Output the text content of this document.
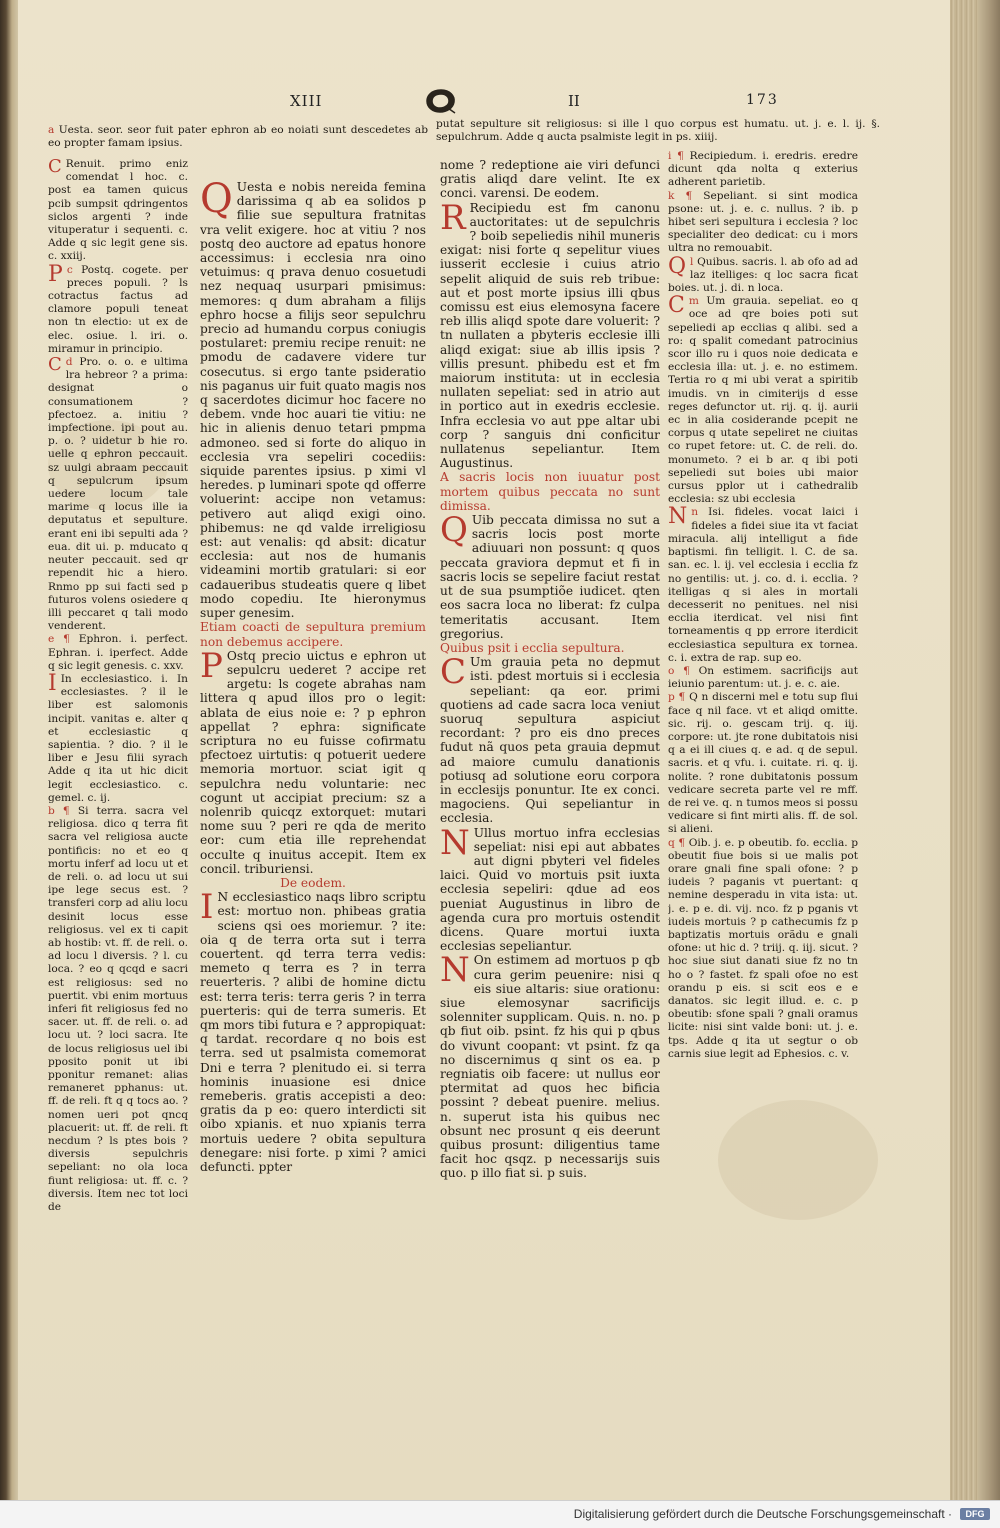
XIII	II	173

a Uesta. seor. seor fuit pater ephron ab eo noiati sunt descedetes ab eo propter famam ipsius.

putat sepulture sit religiosus: si ille l quo corpus est humatu. ut. j. e. l. ij. §. sepulchrum. Adde q aucta psalmiste legit in ps. xiiij.

C Renuit. primo eniz comendat l hoc. c. post ea tamen quicus pcib sumpsit qdringentos siclos argenti ? inde vituperatur i sequenti. c. Adde q sic legit gene sis. c. xxiij.

c
P Postq. cogete. per preces populi. ? ls cotractus factus ad clamore populi teneat non tn electio: ut ex de elec. osiue. l. iri. o. miramur in principio.

d
C Pro. o. o. e ultima lra hebreor ? a prima: designat o consumationem ? pfectoez. a. initiu ? impfectione. ipi pout au. p. o. ? uidetur b hie ro. uelle q ephron peccauit. sz uulgi abraam peccauit q sepulcrum ipsum uedere locum tale marime q locus ille ia deputatus et sepulture. erant eni ibi sepulti ada ? eua. dit ui. p. mducato q neuter peccauit. sed qr rependit hic a hiero. Rnmo pp sui facti sed p futuros volens osiedere q illi peccaret q tali modo venderent.

e ¶ Ephron. i. perfect. Ephran. i. iperfect. Adde q sic legit genesis. c. xxv.

I In ecclesiastico. i. In ecclesiastes. ? il le liber est salomonis incipit. vanitas e. alter q et ecclesiastic q sapientia. ? dio. ? il le liber e Jesu filii syrach Adde q ita ut hic dicit legit ecclesiastico. c. gemel. c. ij.

b ¶ Si terra. sacra vel religiosa. dico q terra fit sacra vel religiosa aucte pontificis: no et eo q mortu inferf ad locu ut et de reli. o. ad locu ut sui ipe lege secus est. ? transferi corp ad aliu locu desinit locus esse religiosus. vel ex ti capit ab hostib: vt. ff. de reli. o. ad locu l diversis. ? l. cu loca. ? eo q qcqd e sacri est religiosus: sed no puertit. vbi enim mortuus inferi fit religiosus fed no sacer. ut. ff. de reli. o. ad locu ut. ? loci sacra. Ite de locus religiosus uel ibi pposito ponit ut ibi pponitur remanet: alias remaneret pphanus: ut. ff. de reli. ft q q tocs ao. ? nomen ueri pot qncq placuerit: ut. ff. de reli. ft necdum ? ls ptes bois ? diversis sepulchris sepeliant: no ola loca fiunt religiosa: ut. ff. c. ? diversis. Item nec tot loci de

Q Uesta e nobis nereida femina darissima q ab ea solidos p filie sue sepultura fratnitas vra velit exigere. hoc at vitiu ? nos postq deo auctore ad epatus honore accessimus: i ecclesia nra oino vetuimus: q prava denuo cosuetudi nez nequaq usurpari pmisimus: memores: q dum abraham a filijs ephro hocse a filijs seor sepulchru precio ad humandu corpus coniugis postularet: premiu recipe renuit: ne pmodu de cadavere videre tur cosecutus. si ergo tante psideratio nis paganus uir fuit quato magis nos q sacerdotes dicimur hoc facere no debem. vnde hoc auari tie vitiu: ne hic in alienis denuo tetari pmpma admoneo. sed si forte do aliquo in ecclesia vra sepeliri cocediis: siquide parentes ipsius. p ximi vl heredes. p luminari spote qd offerre voluerint: accipe non vetamus: petivero aut aliqd exigi oino. phibemus: ne qd valde irreligiosu est: aut venalis: qd absit: dicatur ecclesia: aut nos de humanis videamini mortib gratulari: si eor cadaueribus studeatis quere q libet modo copediu. Ite hieronymus super genesim.

Etiam coacti de sepultura premium non debemus accipere.

P Ostq precio uictus e ephron ut sepulcru uederet ? accipe ret argetu: ls cogete abrahas nam littera q apud illos pro o legit: ablata de eius noie e: ? p ephron appellat ? ephra: significate scriptura no eu fuisse cofirmatu pfectoez uirtutis: q potuerit uedere memoria mortuor. sciat igit q sepulchra nedu voluntarie: nec cogunt ut accipiat precium: sz a nolenrib quicqz extorquet: mutari nome suu ? peri re qda de merito eor: cum etia ille reprehendat occulte q inuitus accepit. Item ex concil. triburiensi.

De eodem.

I N ecclesiastico naqs libro scriptu est: mortuo non. phibeas gratia sciens qsi oes moriemur. ? ite: oia q de terra orta sut i terra couertent. qd terra terra vedis: memeto q terra es ? in terra reuerteris. ? alibi de homine dictu est: terra teris: terra geris ? in terra puerteris: qui de terra sumeris. Et qm mors tibi futura e ? appropiquat: q tardat. recordare q no bois est terra. sed ut psalmista comemorat Dni e terra ? plenitudo ei. si terra hominis inuasione esi dnice remeberis. gratis accepisti a deo: gratis da p eo: quero interdicti sit oibo xpianis. et nuo xpianis terra mortuis uedere ? obita sepultura denegare: nisi forte. p ximi ? amici defuncti. ppter

nome ? redeptione aie viri defunci gratis aliqd dare velint. Ite ex conci. varensi. De eodem.

R Recipiedu est fm canonu auctoritates: ut de sepulchris ? boib sepeliedis nihil muneris exigat: nisi forte q sepelitur viues iusserit ecclesie i cuius atrio sepelit aliquid de suis reb tribue: aut et post morte ipsius illi qbus comissu est eius elemosyna facere reb illis aliqd spote dare voluerit: ? tn nullaten a pbyteris ecclesie illi aliqd exigat: siue ab illis ipsis ? villis presunt. phibedu est et fm maiorum instituta: ut in ecclesia nullaten sepeliat: sed in atrio aut in portico aut in exedris ecclesie. Infra ecclesia vo aut ppe altar ubi corp ? sanguis dni conficitur nullatenus sepeliantur. Item Augustinus.

A sacris locis non iuuatur post mortem quibus peccata no sunt dimissa.

Q Uib peccata dimissa no sut a sacris locis post morte adiuuari non possunt: q quos peccata graviora depmut et fi in sacris locis se sepelire faciut restat ut de sua psumptiõe iudicet. qten eos sacra loca no liberat: fz culpa temeritatis accusant. Item gregorius.

Quibus psit i ecclia sepultura.

C Um grauia peta no depmut isti. pdest mortuis si i ecclesia sepeliant: qa eor. primi quotiens ad cade sacra loca veniut suoruq sepultura aspiciut recordant: ? pro eis dno preces fudut nã quos peta grauia depmut ad maiore cumulu danationis potiusq ad solutione eoru corpora in ecclesijs ponuntur. Ite ex conci. magociens. Qui sepeliantur in ecclesia.

N Ullus mortuo infra ecclesias sepeliat: nisi epi aut abbates aut digni pbyteri vel fideles laici. Quid vo mortuis psit iuxta ecclesia sepeliri: qdue ad eos pueniat Augustinus in libro de agenda cura pro mortuis ostendit dicens. Quare mortui iuxta ecclesias sepeliantur.

N On estimem ad mortuos p qb cura gerim peuenire: nisi q eis siue altaris: siue orationu: siue elemosynar sacrificijs solenniter supplicam. Quis. n. no. p qb fiut oib. psint. fz his qui p qbus do vivunt coopant: vt psint. fz qa no discernimus q sint os ea. p regniatis oib facere: ut nullus eor ptermitat ad quos hec bificia possint ? debeat puenire. melius. n. superut ista his quibus nec obsunt nec prosunt q eis deerunt quibus prosunt: diligentius tame facit hoc qsqz. p necessarijs suis quo. p illo fiat si. p suis.

i ¶ Recipiedum. i. eredris. eredre dicunt qda nolta q exterius adherent parietib.

k ¶ Sepeliant. si sint modica psone: ut. j. e. c. nullus. ? ib. p hibet seri sepultura i ecclesia ? loc specialiter deo dedicat: cu i mors ultra no remouabit.

l
Q Quibus. sacris. l. ab ofo ad ad laz itelliges: q loc sacra ficat boies. ut. j. di. n loca.

m
C Um grauia. sepeliat. eo q oce ad qre boies poti sut sepeliedi ap ecclias q alibi. sed a ro: q spalit comedant patrocinius scor illo ru i quos noie dedicata e ecclesia illa: ut. j. e. no estimem. Tertia ro q mi ubi verat a spiritib imudis. vn in cimiterijs d esse reges defunctor ut. rij. q. ij. aurii ec in alia cosiderande pcepit ne corpus q utate sepeliret ne ciuitas co rupet fetore: ut. C. de reli. do. monumeto. ? ei b ar. q ibi poti sepeliedi sut boies ubi maior cursus pplor ut i cathedralib ecclesia: sz ubi ecclesia

n
N Isi. fideles. vocat laici i fideles a fidei siue ita vt faciat miracula. alij intelligut a fide baptismi. fin telligit. l. C. de sa. san. ec. l. ij. vel ecclesia i ecclia fz no gentilis: ut. j. co. d. i. ecclia. ? itelligas q si ales in mortali decesserit no penitues. nel nisi ecclia iterdicat. vel nisi fint torneamentis q pp errore iterdicit ecclesiastica sepultura ex tornea. c. i. extra de rap. sup eo.

o ¶ On estimem. sacrificijs aut ieiunio parentum: ut. j. e. c. aie.

p ¶ Q n discerni mel e totu sup flui face q nil face. vt et aliqd omitte. sic. rij. o. gescam trij. q. iij. corpore: ut. jte rone dubitatois nisi q a ei ill ciues q. e ad. q de sepul. sacris. et q vfu. i. cuitate. ri. q. ij. nolite. ? rone dubitatonis possum vedicare secreta parte vel re mff. de rei ve. q. n tumos meos si possu vedicare si fint mirti alis. ff. de sol. si alieni.

q ¶ Oib. j. e. p obeutib. fo. ecclia. p obeutit fiue bois si ue malis pot orare gnali fine spali ofone: ? p iudeis ? paganis vt puertant: q nemine desperadu in vita ista: ut. j. e. p e. di. vij. nco. fz p pganis vt iudeis mortuis ? p cathecumis fz p baptizatis mortuis orãdu e gnali ofone: ut hic d. ? triij. q. iij. sicut. ? hoc siue siut danati siue fz no tn ho o ? fastet. fz spali ofoe no est orandu p eis. si scit eos e e danatos. sic legit illud. e. c. p obeutib: sfone spali ? gnali oramus licite: nisi sint valde boni: ut. j. e. tps. Adde q ita ut segtur o ob carnis siue legit ad Ephesios. c. v.

Digitalisierung gefördert durch die Deutsche Forschungsgemeinschaft ·	DFG
